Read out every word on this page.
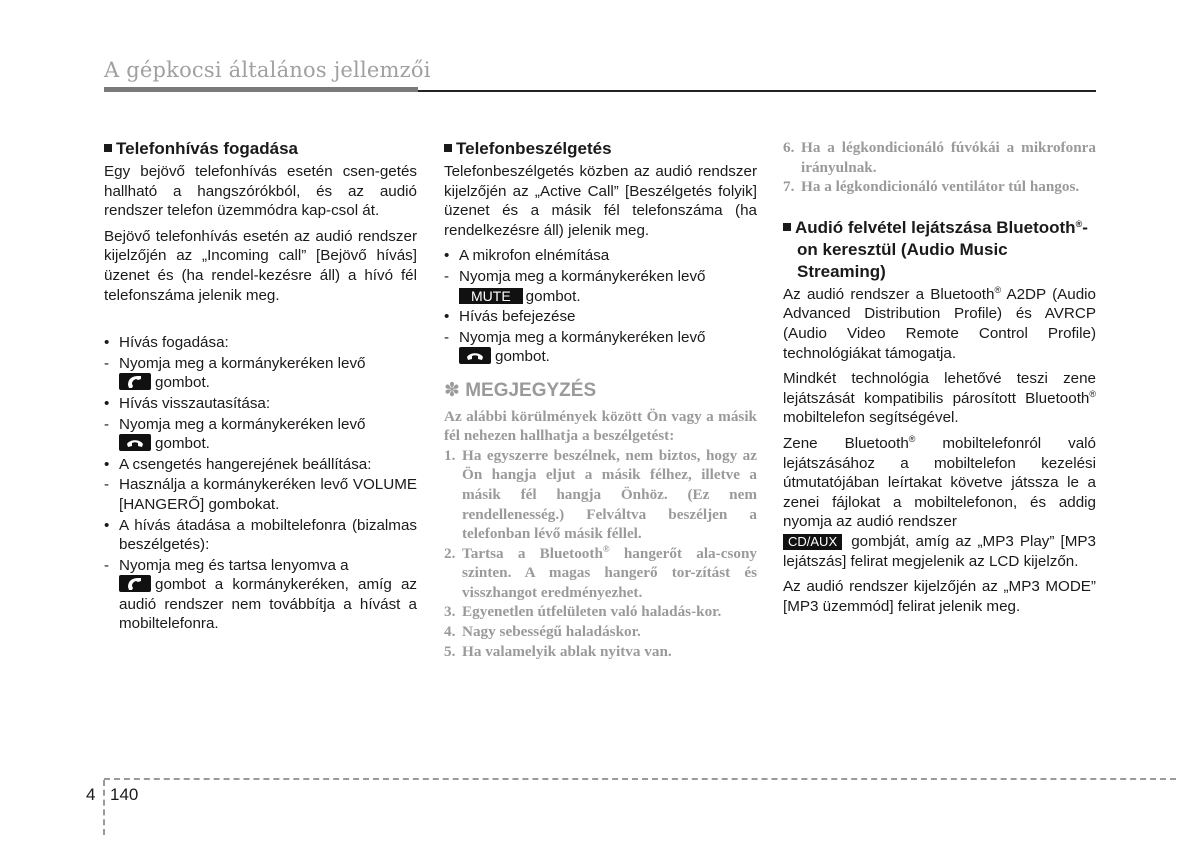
A gépkocsi általános jellemzői
Telefonhívás fogadása
Egy bejövő telefonhívás esetén csen-getés hallható a hangszórókból, és az audió rendszer telefon üzemmódra kap-csol át.
Bejövő telefonhívás esetén az audió rendszer kijelzőjén az „Incoming call” [Bejövő hívás] üzenet és (ha rendel-kezésre áll) a hívó fél telefonszáma jelenik meg.
• Hívás fogadása:
- Nyomja meg a kormánykeréken levő

gombot.
• Hívás visszautasítása:
- Nyomja meg a kormánykeréken levő

gombot.
• A csengetés hangerejének beállítása:
- Használja a kormánykeréken levő VOLUME [HANGERŐ] gombokat.
• A hívás átadása a mobiltelefonra (bizalmas beszélgetés):
- Nyomja meg és tartsa lenyomva a

gombot a kormánykeréken, amíg az audió rendszer nem továbbítja a hívást a mobiltelefonra.
Telefonbeszélgetés
Telefonbeszélgetés közben az audió rendszer kijelzőjén az „Active Call” [Beszélgetés folyik] üzenet és a másik fél telefonszáma (ha rendelkezésre áll) jelenik meg.
• A mikrofon elnémítása
- Nyomja meg a kormánykeréken levő
MUTE gombot.
• Hívás befejezése
- Nyomja meg a kormánykeréken levő

gombot.
✽ MEGJEGYZÉS
Az alábbi körülmények között Ön vagy a másik fél nehezen hallhatja a beszélgetést:
1. Ha egyszerre beszélnek, nem biztos, hogy az Ön hangja eljut a másik félhez, illetve a másik fél hangja Önhöz. (Ez nem rendellenesség.) Felváltva beszéljen a telefonban lévő másik féllel.
2. Tartsa a Bluetooth® hangerőt ala-csony szinten. A magas hangerő tor-zítást és visszhangot eredményezhet.
3. Egyenetlen útfelületen való haladás-kor.
4. Nagy sebességű haladáskor.
5. Ha valamelyik ablak nyitva van.
6. Ha a légkondicionáló fúvókái a mikrofonra irányulnak.
7. Ha a légkondicionáló ventilátor túl hangos.
Audió felvétel lejátszása Bluetooth®-on keresztül (Audio Music Streaming)
Az audió rendszer a Bluetooth® A2DP (Audio Advanced Distribution Profile) és AVRCP (Audio Video Remote Control Profile) technológiákat támogatja.
Mindkét technológia lehetővé teszi zene lejátszását kompatibilis párosított Bluetooth® mobiltelefon segítségével.
Zene Bluetooth® mobiltelefonról való lejátszásához a mobiltelefon kezelési útmutatójában leírtakat követve játssza le a zenei fájlokat a mobiltelefonon, és addig nyomja az audió rendszer
CD/AUX gombját, amíg az „MP3 Play” [MP3 lejátszás] felirat megjelenik az LCD kijelzőn.
Az audió rendszer kijelzőjén az „MP3 MODE” [MP3 üzemmód] felirat jelenik meg.
4 140
